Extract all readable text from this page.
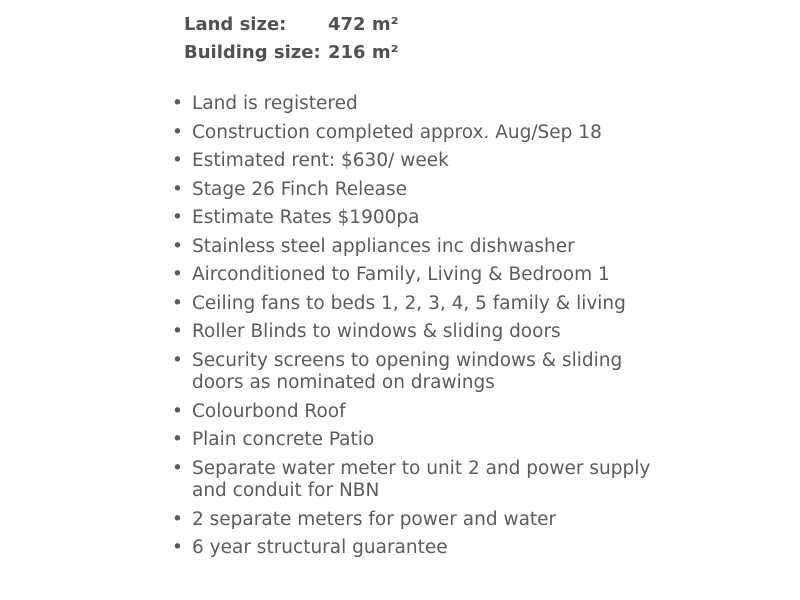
Land size:	472 m²
Building size: 216 m²
• Land is registered
• Construction completed approx. Aug/Sep 18
• Estimated rent: $630/ week
• Stage 26 Finch Release
• Estimate Rates $1900pa
• Stainless steel appliances inc dishwasher
• Airconditioned to Family, Living & Bedroom 1
• Ceiling fans to beds 1, 2, 3, 4, 5 family & living
• Roller Blinds to windows & sliding doors
• Security screens to opening windows & sliding doors as nominated on drawings
• Colourbond Roof
• Plain concrete Patio
• Separate water meter to unit 2 and power supply and conduit for NBN
• 2 separate meters for power and water
• 6 year structural guarantee
